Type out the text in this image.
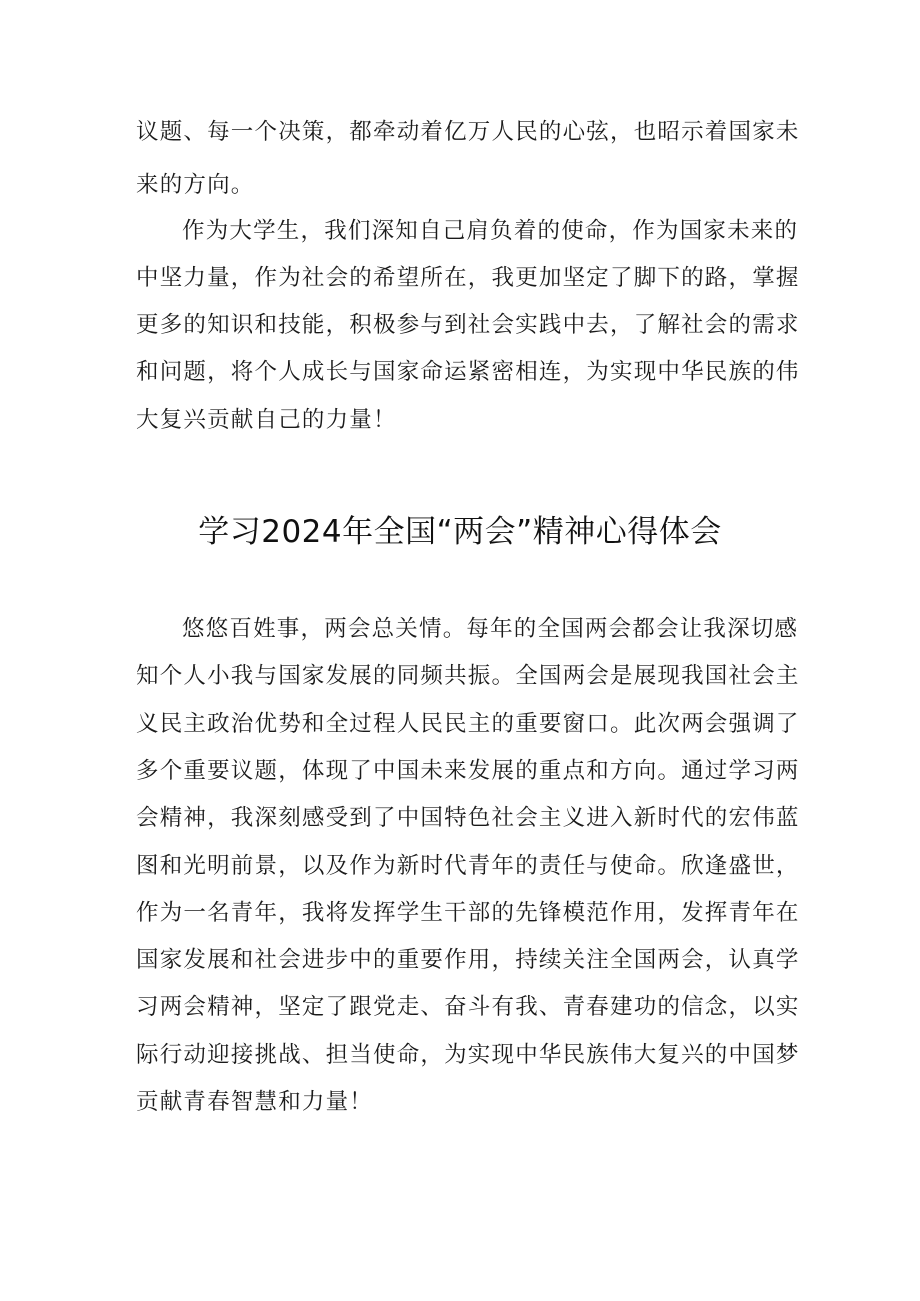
议题、每一个决策，都牵动着亿万人民的心弦，也昭示着国家未
来的方向。
作为大学生，我们深知自己肩负着的使命，作为国家未来的
中坚力量，作为社会的希望所在，我更加坚定了脚下的路，掌握
更多的知识和技能，积极参与到社会实践中去，了解社会的需求
和问题，将个人成长与国家命运紧密相连，为实现中华民族的伟
大复兴贡献自己的力量！
学习2024年全国“两会”精神心得体会
悠悠百姓事，两会总关情。每年的全国两会都会让我深切感
知个人小我与国家发展的同频共振。全国两会是展现我国社会主
义民主政治优势和全过程人民民主的重要窗口。此次两会强调了
多个重要议题，体现了中国未来发展的重点和方向。通过学习两
会精神，我深刻感受到了中国特色社会主义进入新时代的宏伟蓝
图和光明前景，以及作为新时代青年的责任与使命。欣逢盛世，
作为一名青年，我将发挥学生干部的先锋模范作用，发挥青年在
国家发展和社会进步中的重要作用，持续关注全国两会，认真学
习两会精神，坚定了跟党走、奋斗有我、青春建功的信念，以实
际行动迎接挑战、担当使命，为实现中华民族伟大复兴的中国梦
贡献青春智慧和力量！
